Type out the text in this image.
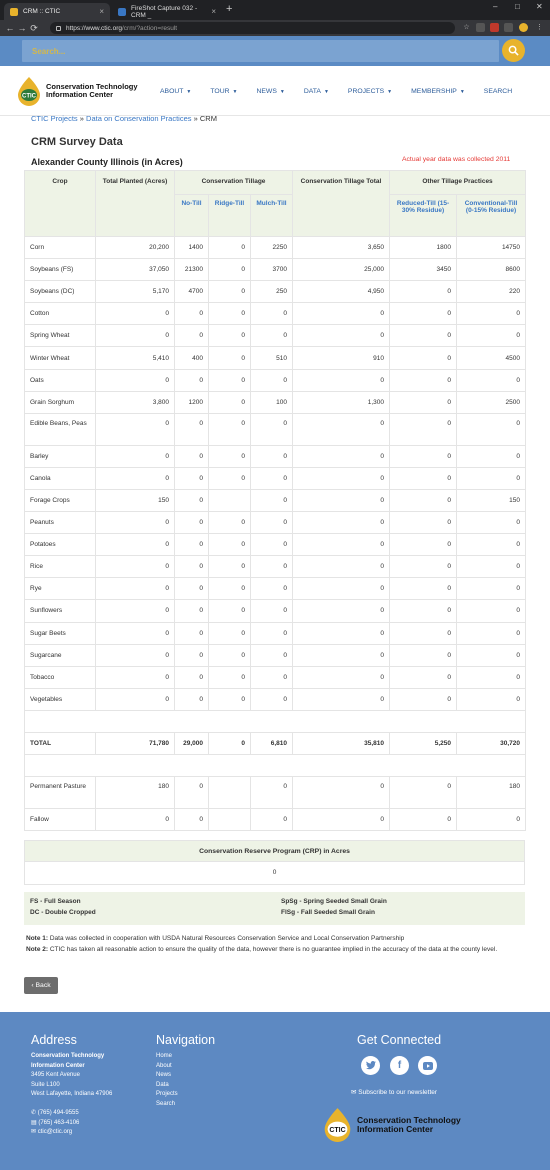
CRM :: CTIC	×	FireShot Capture 032 - CRM _	× +	– □ ✕
← → ⟳	https://www.ctic.org /crm/?action=result	☆	⋮
Search...
CTIC
Conservation Technology
Information Center	ABOUT ▼	TOUR ▼	NEWS ▼	DATA ▼	PROJECTS ▼	MEMBERSHIP ▼	SEARCH
CTIC Projects » Data on Conservation Practices » CRM
CRM Survey Data
Alexander County Illinois (in Acres)	Actual year data was collected 2011
Crop	Total Planted (Acres)	Conservation Tillage			Conservation Tillage Total	Other Tillage Practices	
		No-Till	Ridge-Till	Mulch-Till		Reduced-Till (15-30% Residue)	Conventional-Till (0-15% Residue)
Corn	20,200	1400	0	2250	3,650	1800	14750
Soybeans (FS)	37,050	21300	0	3700	25,000	3450	8600
Soybeans (DC)	5,170	4700	0	250	4,950	0	220
Cotton	0	0	0	0	0	0	0
Spring Wheat	0	0	0	0	0	0	0
Winter Wheat	5,410	400	0	510	910	0	4500
Oats	0	0	0	0	0	0	0
Grain Sorghum	3,800	1200	0	100	1,300	0	2500
Edible Beans, Peas	0	0	0	0	0	0	0
Barley	0	0	0	0	0	0	0
Canola	0	0	0	0	0	0	0
Forage Crops	150	0		0	0	0	150
Peanuts	0	0	0	0	0	0	0
Potatoes	0	0	0	0	0	0	0
Rice	0	0	0	0	0	0	0
Rye	0	0	0	0	0	0	0
Sunflowers	0	0	0	0	0	0	0
Sugar Beets	0	0	0	0	0	0	0
Sugarcane	0	0	0	0	0	0	0
Tobacco	0	0	0	0	0	0	0
Vegetables	0	0	0	0	0	0	0

TOTAL	71,780	29,000	0	6,810	35,810	5,250	30,720

Permanent Pasture	180	0		0	0	0	180
Fallow	0	0		0	0	0	0
Conservation Reserve Program (CRP) in Acres
0
FS - Full Season
DC - Double Cropped
SpSg - Spring Seeded Small Grain
FlSg - Fall Seeded Small Grain

Note 1: Data was collected in cooperation with USDA Natural Resources Conservation Service and Local Conservation Partnership

Note 2: CTIC has taken all reasonable action to ensure the quality of the data, however there is no guarantee implied in the accuracy of the data at the county level.

‹ Back
Address
Conservation Technology
Information Center
3495 Kent Avenue
Suite L100
West Lafayette, Indiana 47906
✆ (765) 494-9555
▤ (765) 463-4106
✉ ctic@ctic.org
Navigation
Home
About
News
Data
Projects
Search
Get Connected
f
✉ Subscribe to our newsletter
CTIC
Conservation Technology
Information Center
